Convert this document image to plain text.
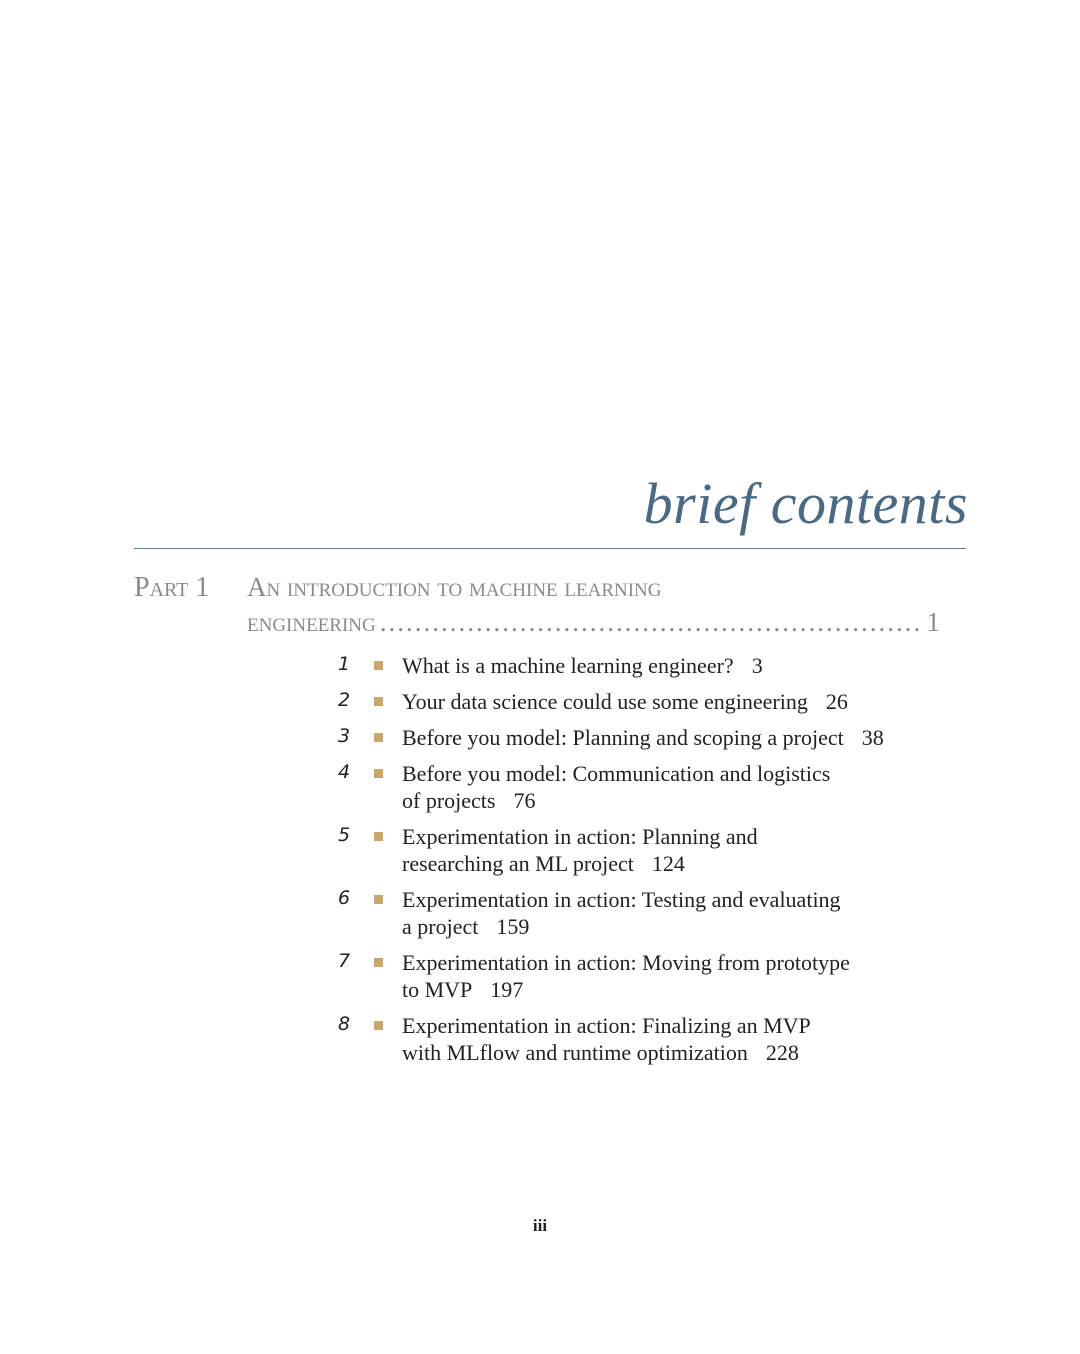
brief contents
Part 1 An introduction to machine learning
engineering
.....	1
1	What is a machine learning engineer? 3
2	Your data science could use some engineering 26
3	Before you model: Planning and scoping a project 38
4	Before you model: Communication and logistics
of projects 76
5	Experimentation in action: Planning and
researching an ML project 124
6	Experimentation in action: Testing and evaluating
a project 159
7	Experimentation in action: Moving from prototype
to MVP 197
8	Experimentation in action: Finalizing an MVP
with MLflow and runtime optimization 228
iii
